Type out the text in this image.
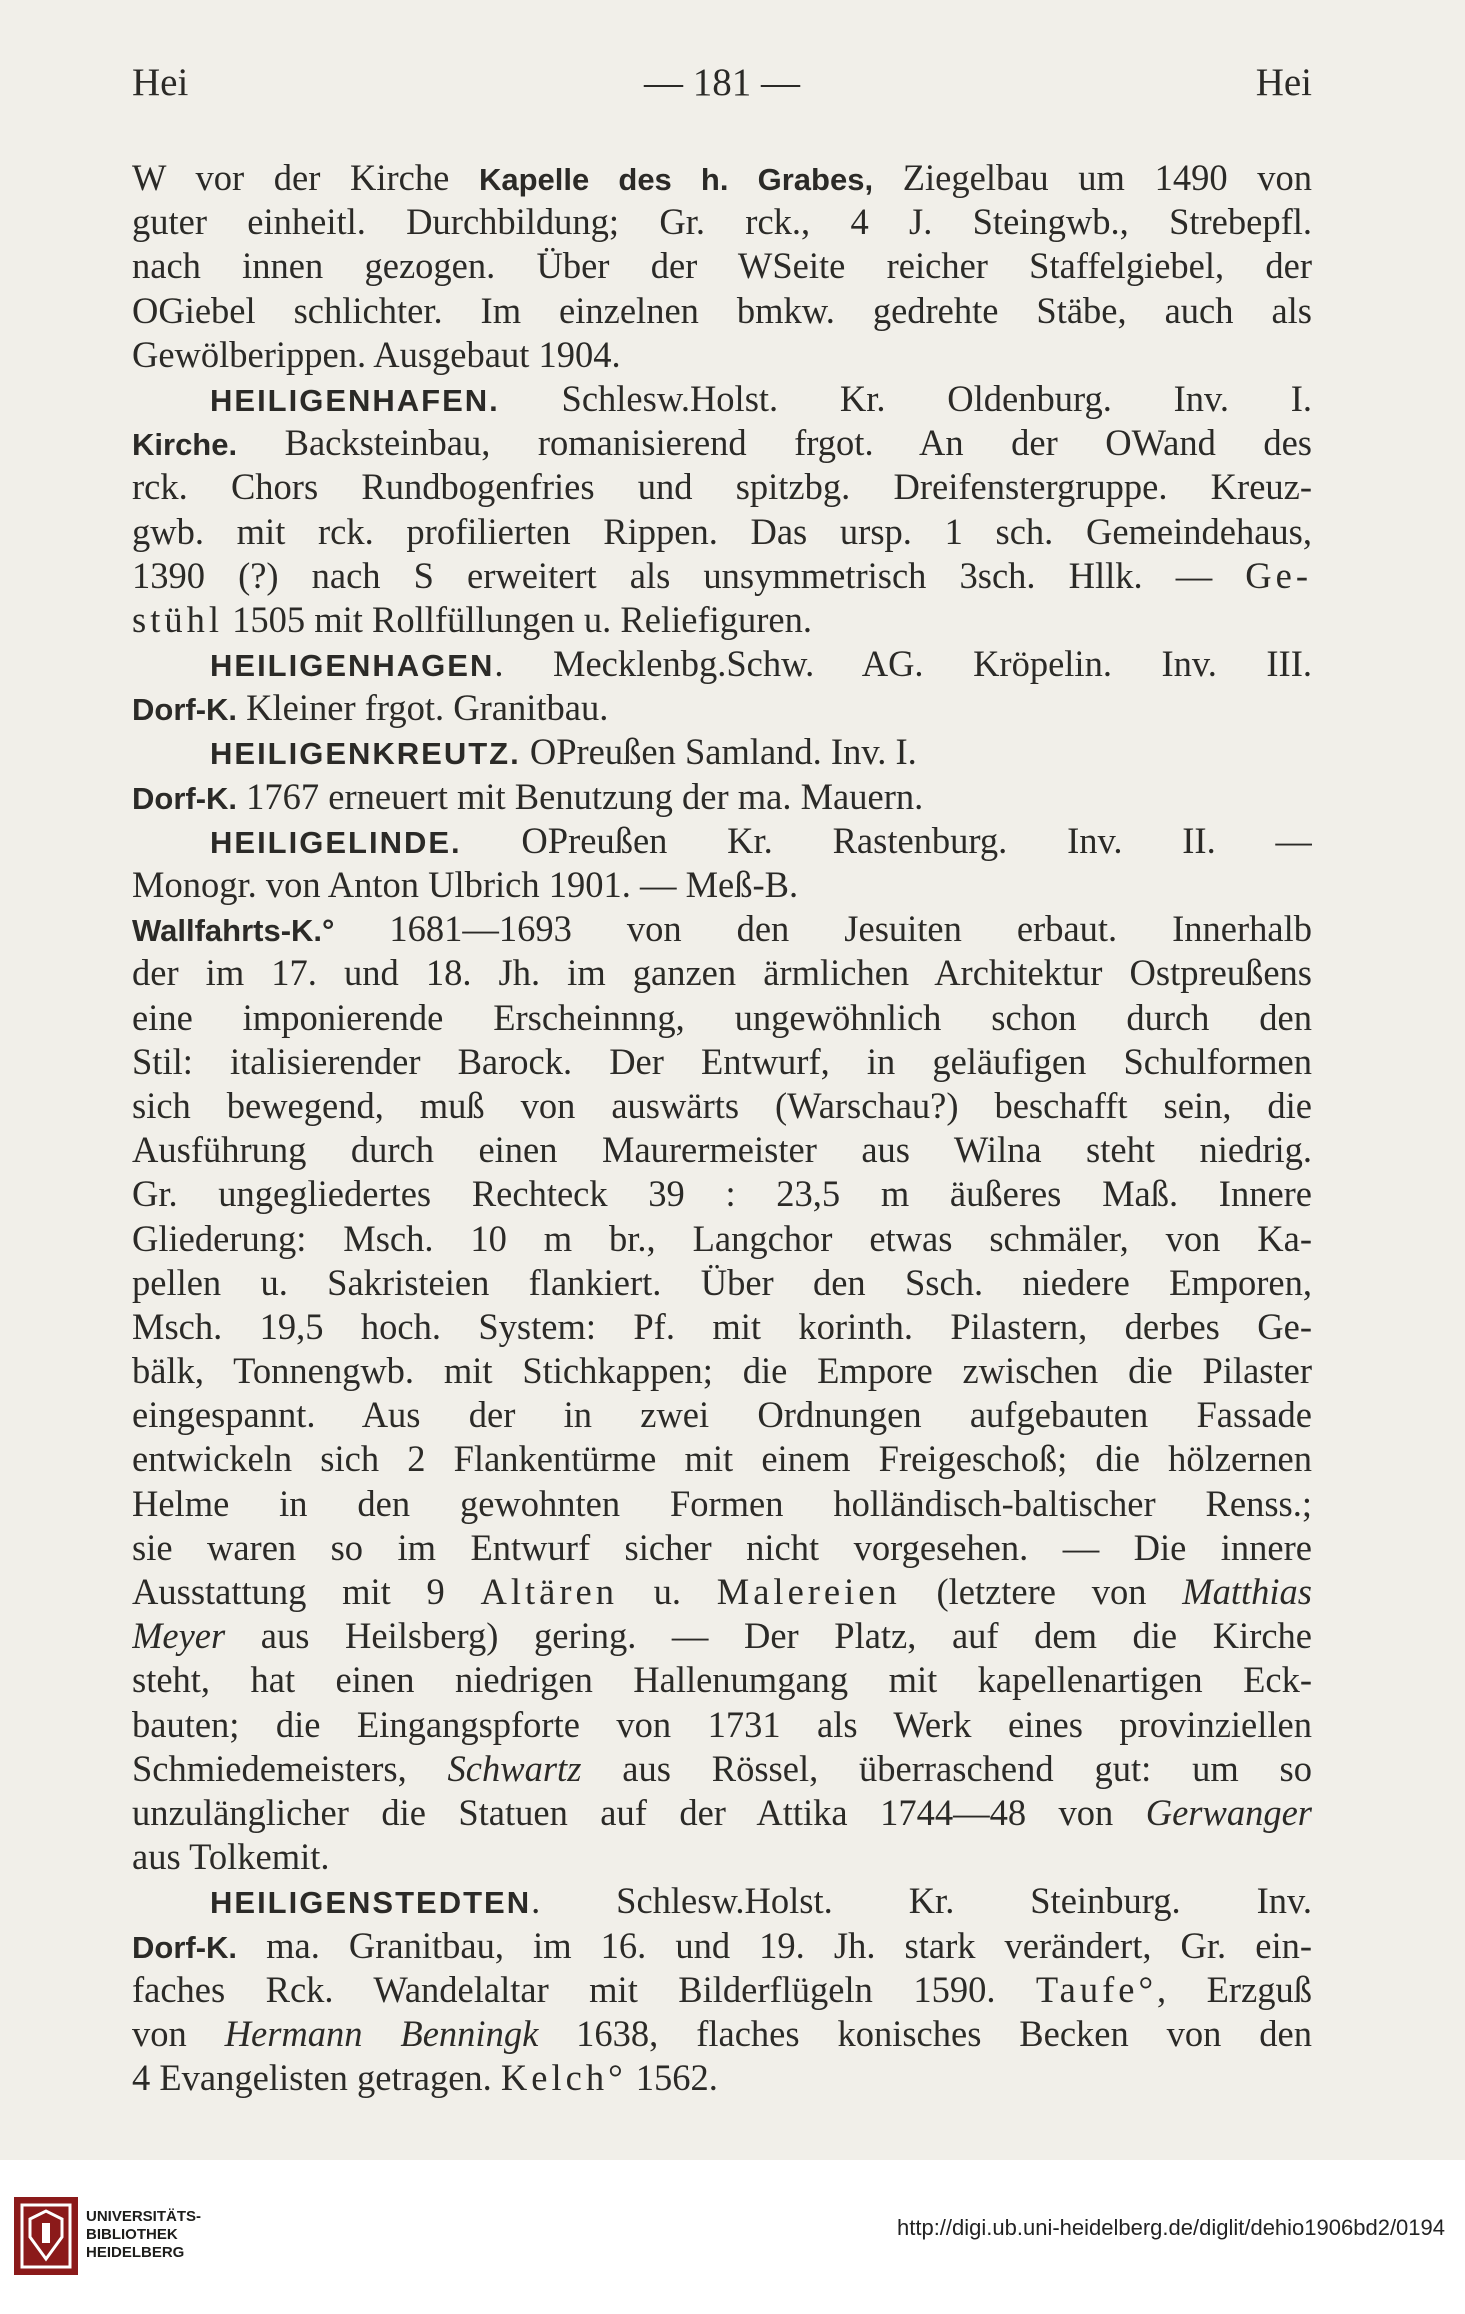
Hei	— 181 —	Hei
W vor der Kirche Kapelle des h. Grabes, Ziegelbau um 1490 von
guter einheitl. Durchbildung; Gr. rck., 4 J. Steingwb., Strebepfl.
nach innen gezogen. Über der WSeite reicher Staffelgiebel, der
OGiebel schlichter. Im einzelnen bmkw. gedrehte Stäbe, auch als
Gewölberippen. Ausgebaut 1904.
HEILIGENHAFEN. Schlesw.Holst. Kr. Oldenburg. Inv. I.
Kirche. Backsteinbau, romanisierend frgot. An der OWand des
rck. Chors Rundbogenfries und spitzbg. Dreifenstergruppe. Kreuz-
gwb. mit rck. profilierten Rippen. Das ursp. 1 sch. Gemeindehaus,
1390 (?) nach S erweitert als unsymmetrisch 3sch. Hllk. — Ge-
stühl 1505 mit Rollfüllungen u. Reliefiguren.
HEILIGENHAGEN. Mecklenbg.Schw. AG. Kröpelin. Inv. III.
Dorf-K. Kleiner frgot. Granitbau.
HEILIGENKREUTZ. OPreußen Samland. Inv. I.
Dorf-K. 1767 erneuert mit Benutzung der ma. Mauern.
HEILIGELINDE. OPreußen Kr. Rastenburg. Inv. II. —
Monogr. von Anton Ulbrich 1901. — Meß-B.
Wallfahrts-K.° 1681—1693 von den Jesuiten erbaut. Innerhalb
der im 17. und 18. Jh. im ganzen ärmlichen Architektur Ostpreußens
eine imponierende Erscheinnng, ungewöhnlich schon durch den
Stil: italisierender Barock. Der Entwurf, in geläufigen Schulformen
sich bewegend, muß von auswärts (Warschau?) beschafft sein, die
Ausführung durch einen Maurermeister aus Wilna steht niedrig.
Gr. ungegliedertes Rechteck 39 : 23,5 m äußeres Maß. Innere
Gliederung: Msch. 10 m br., Langchor etwas schmäler, von Ka-
pellen u. Sakristeien flankiert. Über den Ssch. niedere Emporen,
Msch. 19,5 hoch. System: Pf. mit korinth. Pilastern, derbes Ge-
bälk, Tonnengwb. mit Stichkappen; die Empore zwischen die Pilaster
eingespannt. Aus der in zwei Ordnungen aufgebauten Fassade
entwickeln sich 2 Flankentürme mit einem Freigeschoß; die hölzernen
Helme in den gewohnten Formen holländisch-baltischer Renss.;
sie waren so im Entwurf sicher nicht vorgesehen. — Die innere
Ausstattung mit 9 Altären u. Malereien (letztere von Matthias
Meyer aus Heilsberg) gering. — Der Platz, auf dem die Kirche
steht, hat einen niedrigen Hallenumgang mit kapellenartigen Eck-
bauten; die Eingangspforte von 1731 als Werk eines provinziellen
Schmiedemeisters, Schwartz aus Rössel, überraschend gut: um so
unzulänglicher die Statuen auf der Attika 1744—48 von Gerwanger
aus Tolkemit.
HEILIGENSTEDTEN. Schlesw.Holst. Kr. Steinburg. Inv.
Dorf-K. ma. Granitbau, im 16. und 19. Jh. stark verändert, Gr. ein-
faches Rck. Wandelaltar mit Bilderflügeln 1590. Taufe°, Erzguß
von Hermann Benningk 1638, flaches konisches Becken von den
4 Evangelisten getragen. Kelch° 1562.
UNIVERSITÄTS-
BIBLIOTHEK
HEIDELBERG
http://digi.ub.uni-heidelberg.de/diglit/dehio1906bd2/0194
